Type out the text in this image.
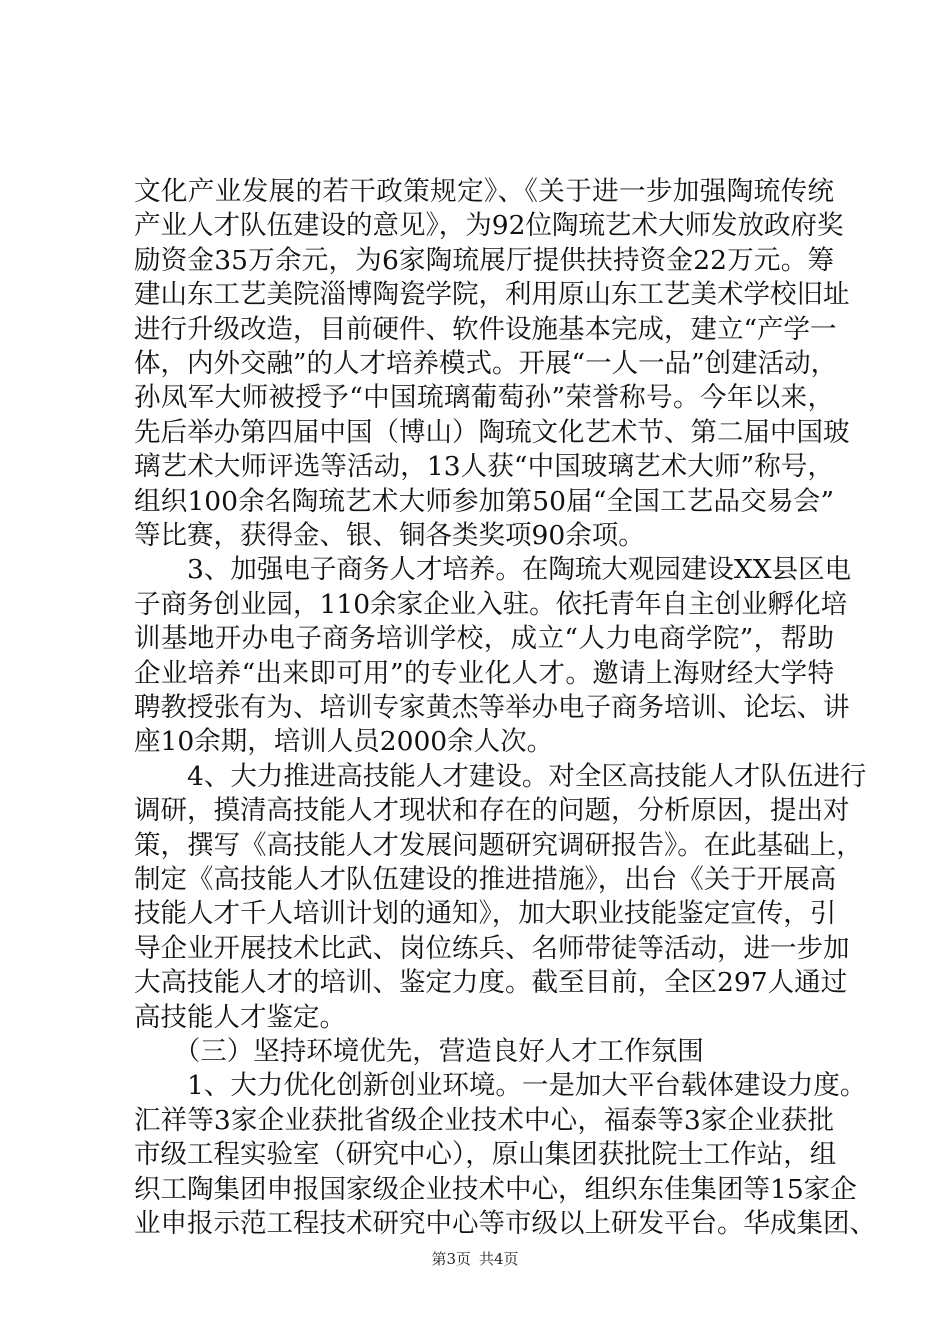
文化产业发展的若干政策规定》、《关于进一步加强陶琉传统
产业人才队伍建设的意见》，为92位陶琉艺术大师发放政府奖
励资金35万余元，为6家陶琉展厅提供扶持资金22万元。筹
建山东工艺美院淄博陶瓷学院，利用原山东工艺美术学校旧址
进行升级改造，目前硬件、软件设施基本完成，建立“产学一
体，内外交融”的人才培养模式。开展“一人一品”创建活动，
孙凤军大师被授予“中国琉璃葡萄孙”荣誉称号。今年以来，
先后举办第四届中国（博山）陶琉文化艺术节、第二届中国玻
璃艺术大师评选等活动，13人获“中国玻璃艺术大师”称号，
组织100余名陶琉艺术大师参加第50届“全国工艺品交易会”
等比赛，获得金、银、铜各类奖项90余项。
　　3、加强电子商务人才培养。在陶琉大观园建设XX县区电
子商务创业园，110余家企业入驻。依托青年自主创业孵化培
训基地开办电子商务培训学校，成立“人力电商学院”，帮助
企业培养“出来即可用”的专业化人才。邀请上海财经大学特
聘教授张有为、培训专家黄杰等举办电子商务培训、论坛、讲
座10余期，培训人员2000余人次。
　　4、大力推进高技能人才建设。对全区高技能人才队伍进行
调研，摸清高技能人才现状和存在的问题，分析原因，提出对
策，撰写《高技能人才发展问题研究调研报告》。在此基础上，
制定《高技能人才队伍建设的推进措施》，出台《关于开展高
技能人才千人培训计划的通知》，加大职业技能鉴定宣传，引
导企业开展技术比武、岗位练兵、名师带徒等活动，进一步加
大高技能人才的培训、鉴定力度。截至目前，全区297人通过
高技能人才鉴定。
　　（三）坚持环境优先，营造良好人才工作氛围
　　1、大力优化创新创业环境。一是加大平台载体建设力度。
汇祥等3家企业获批省级企业技术中心，福泰等3家企业获批
市级工程实验室（研究中心），原山集团获批院士工作站，组
织工陶集团申报国家级企业技术中心，组织东佳集团等15家企
业申报示范工程技术研究中心等市级以上研发平台。华成集团、
第3页 共4页
